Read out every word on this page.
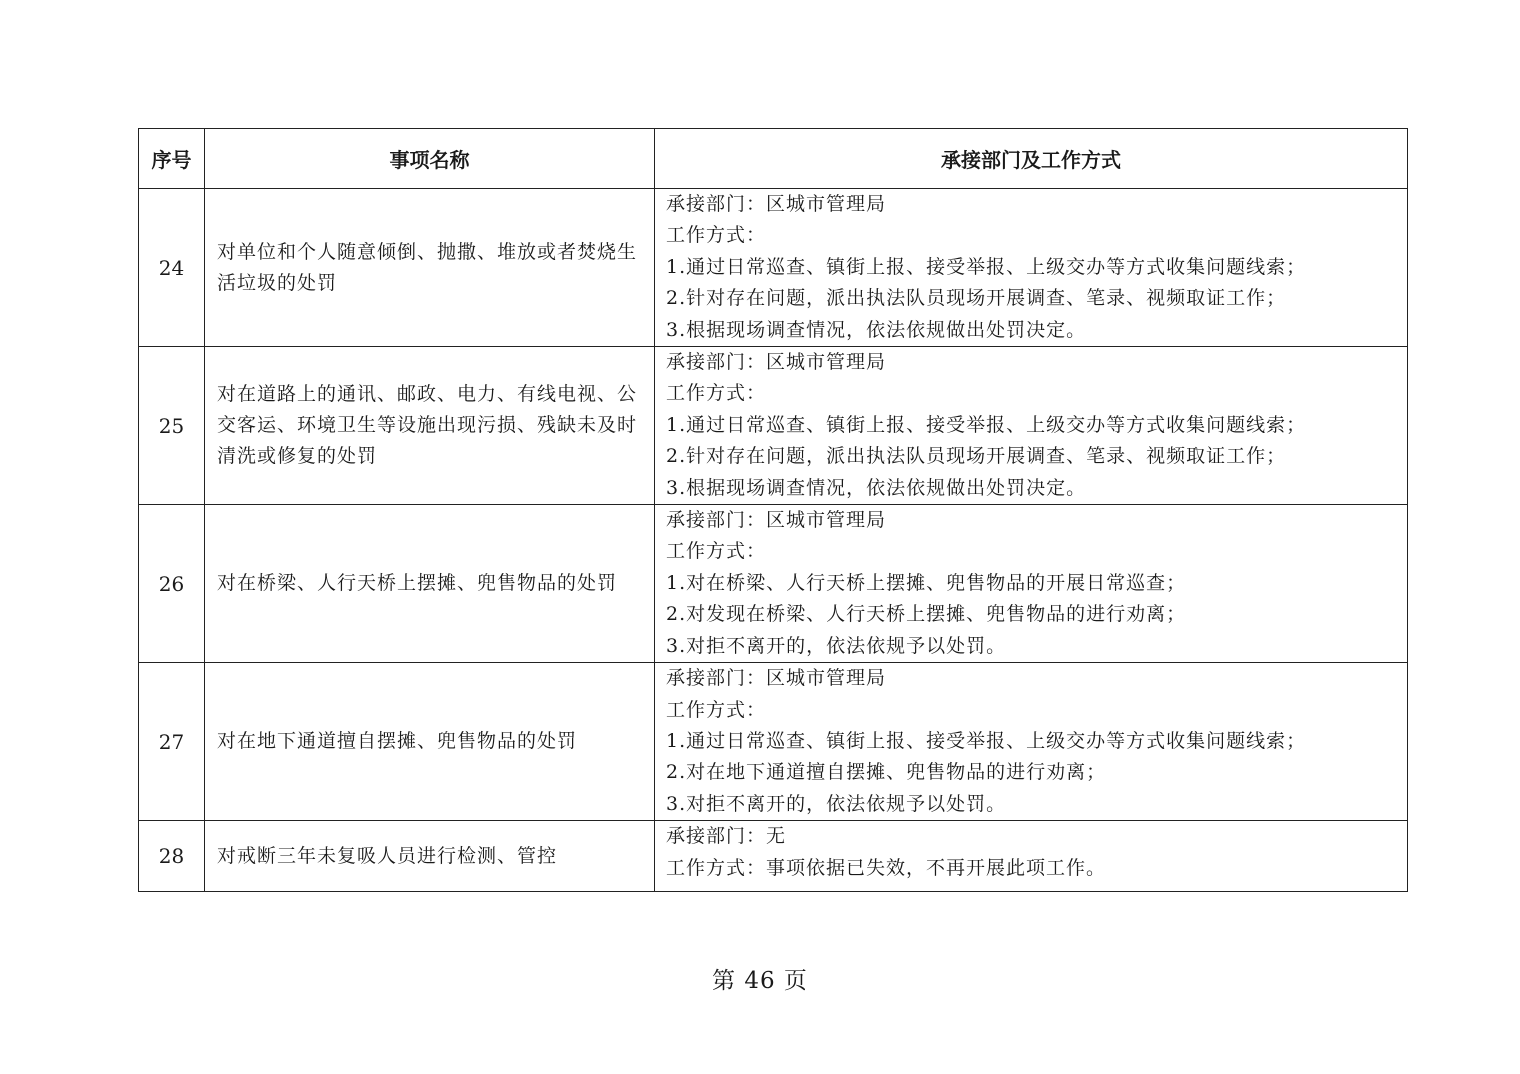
序号	事项名称	承接部门及工作方式
24	对单位和个人随意倾倒、抛撒、堆放或者焚烧生活垃圾的处罚	承接部门：区城市管理局
工作方式：
1.通过日常巡查、镇街上报、接受举报、上级交办等方式收集问题线索；
2.针对存在问题，派出执法队员现场开展调查、笔录、视频取证工作；
3.根据现场调查情况，依法依规做出处罚决定。

25	对在道路上的通讯、邮政、电力、有线电视、公交客运、环境卫生等设施出现污损、残缺未及时清洗或修复的处罚	承接部门：区城市管理局
工作方式：
1.通过日常巡查、镇街上报、接受举报、上级交办等方式收集问题线索；
2.针对存在问题，派出执法队员现场开展调查、笔录、视频取证工作；
3.根据现场调查情况，依法依规做出处罚决定。

26	对在桥梁、人行天桥上摆摊、兜售物品的处罚	承接部门：区城市管理局
工作方式：
1.对在桥梁、人行天桥上摆摊、兜售物品的开展日常巡查；
2.对发现在桥梁、人行天桥上摆摊、兜售物品的进行劝离；
3.对拒不离开的，依法依规予以处罚。

27	对在地下通道擅自摆摊、兜售物品的处罚	承接部门：区城市管理局
工作方式：
1.通过日常巡查、镇街上报、接受举报、上级交办等方式收集问题线索；
2.对在地下通道擅自摆摊、兜售物品的进行劝离；
3.对拒不离开的，依法依规予以处罚。

28	对戒断三年未复吸人员进行检测、管控	承接部门：无
工作方式：事项依据已失效，不再开展此项工作。
第 46 页
